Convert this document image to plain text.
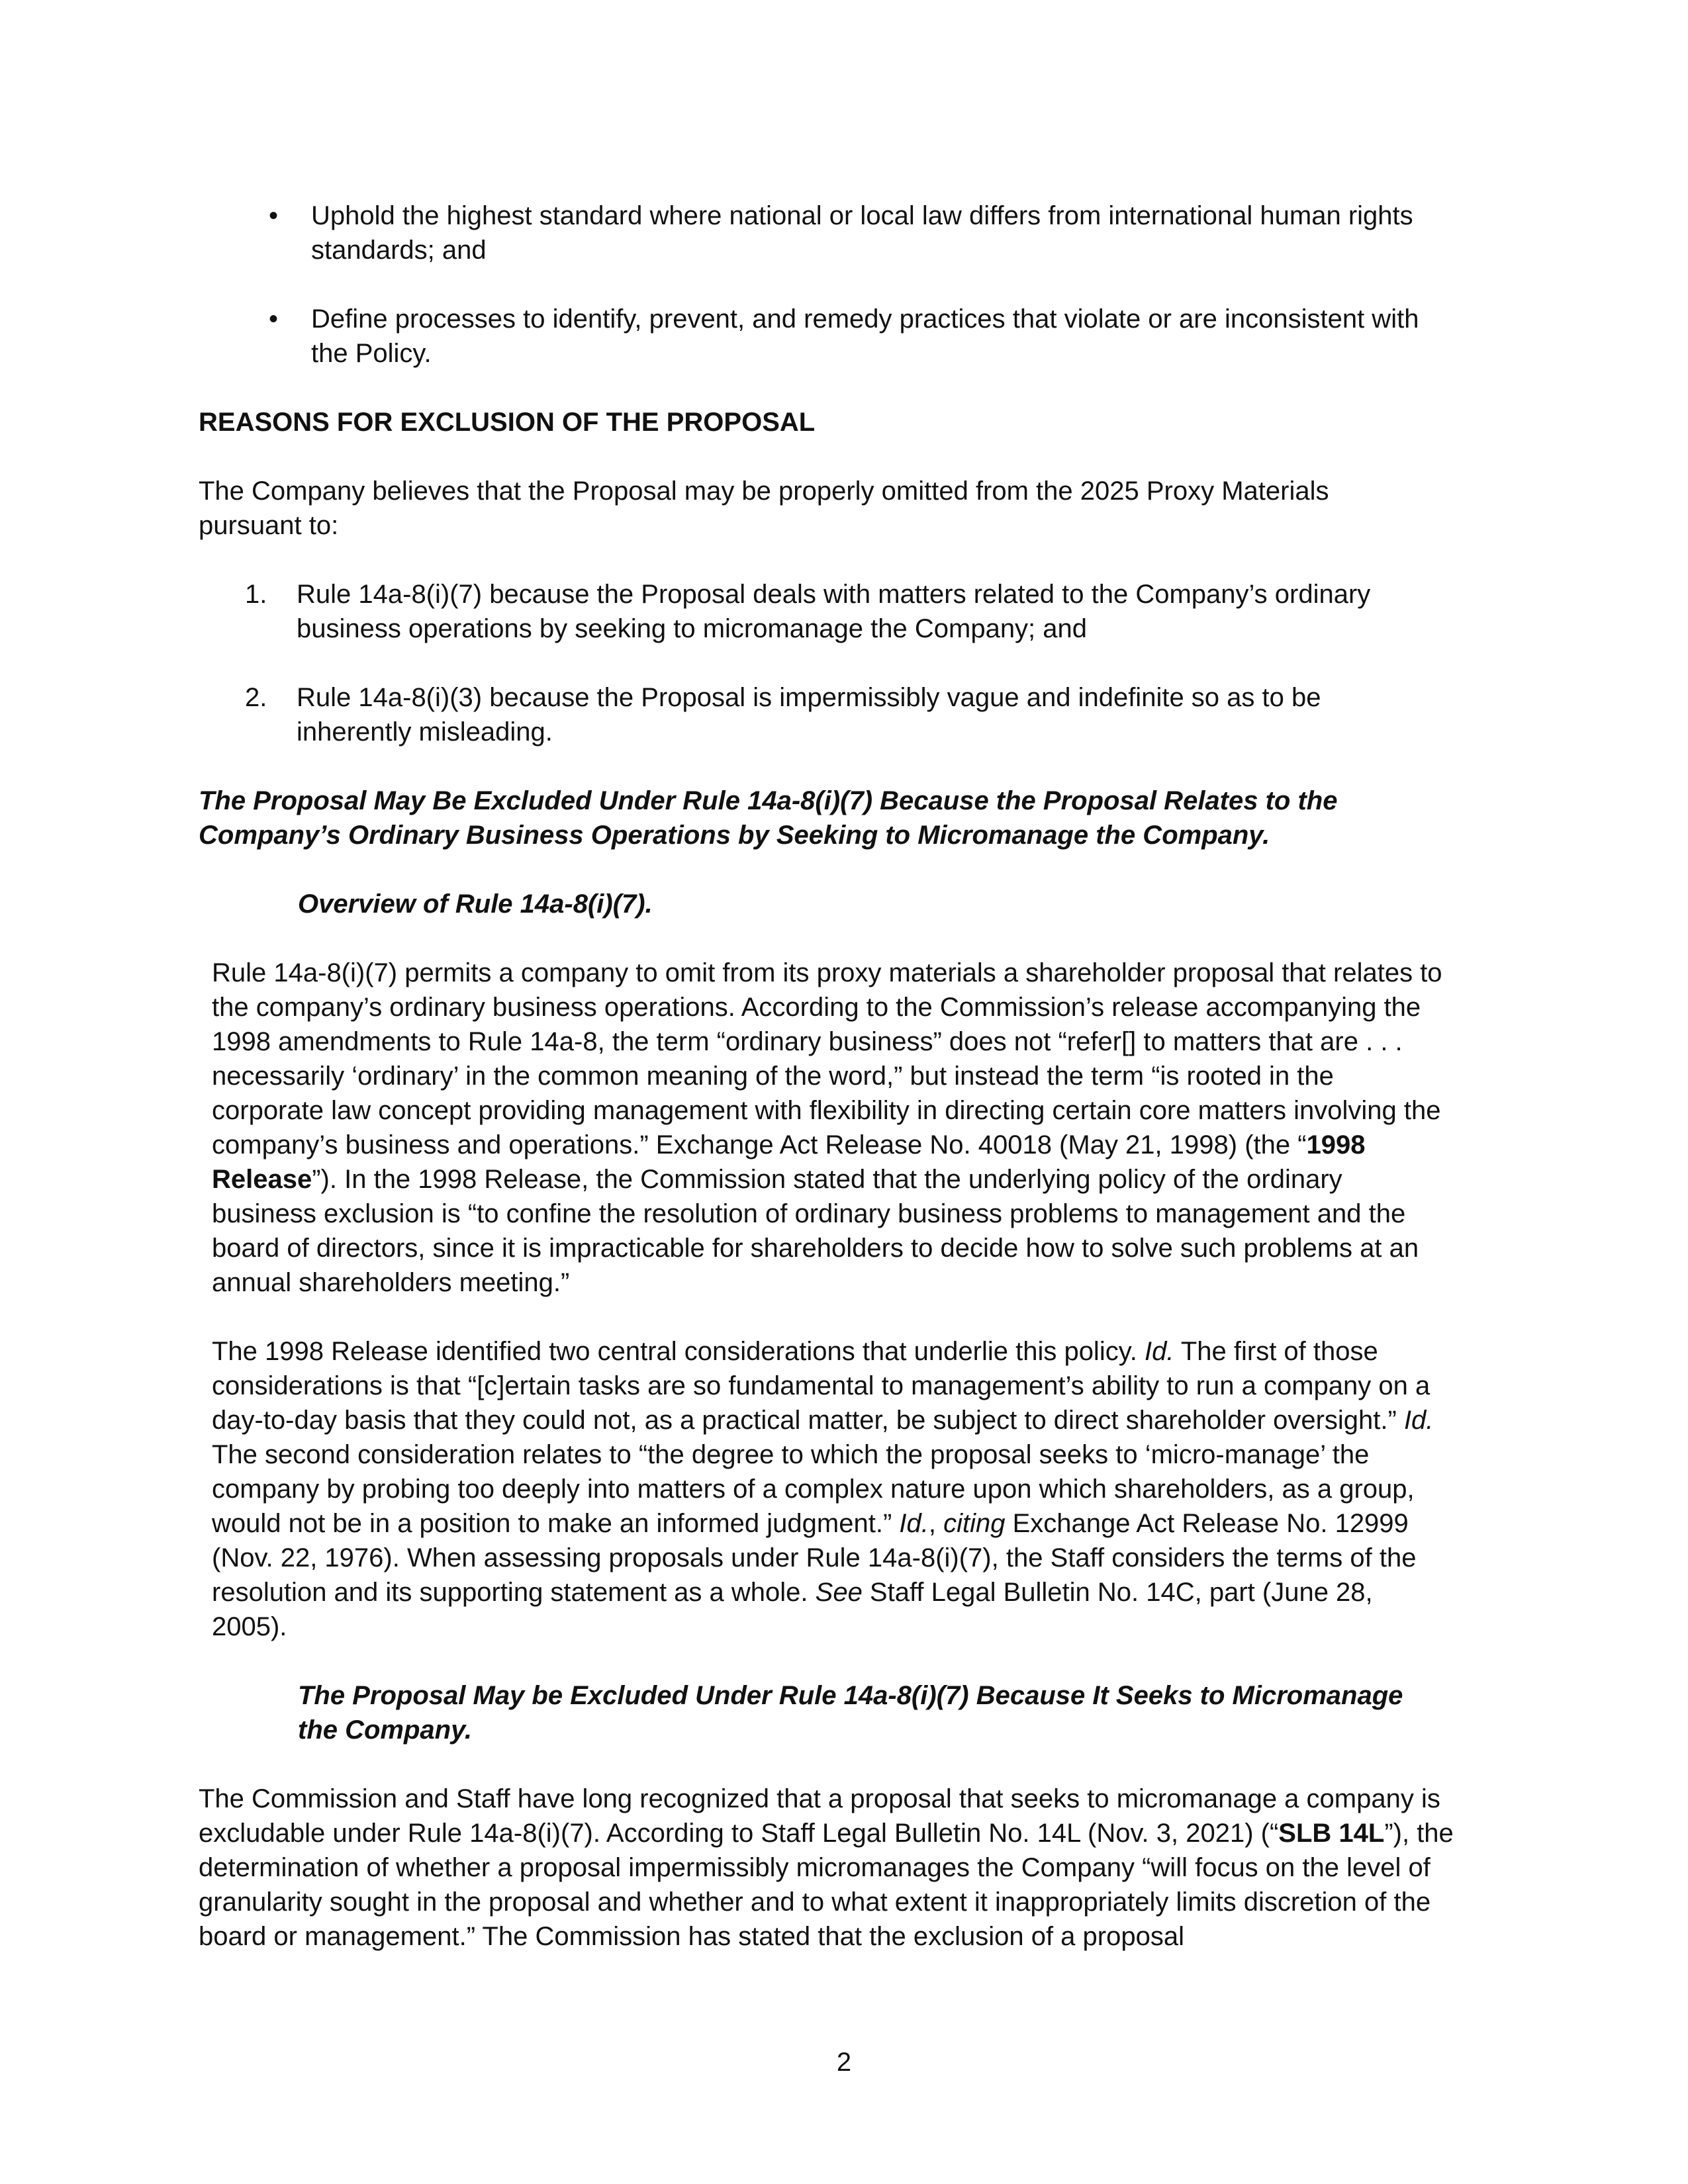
• Uphold the highest standard where national or local law differs from international human rights standards; and
• Define processes to identify, prevent, and remedy practices that violate or are inconsistent with the Policy.
REASONS FOR EXCLUSION OF THE PROPOSAL
The Company believes that the Proposal may be properly omitted from the 2025 Proxy Materials pursuant to:
1. Rule 14a-8(i)(7) because the Proposal deals with matters related to the Company’s ordinary business operations by seeking to micromanage the Company; and
2. Rule 14a-8(i)(3) because the Proposal is impermissibly vague and indefinite so as to be inherently misleading.
The Proposal May Be Excluded Under Rule 14a-8(i)(7) Because the Proposal Relates to the Company’s Ordinary Business Operations by Seeking to Micromanage the Company.
Overview of Rule 14a-8(i)(7).
Rule 14a-8(i)(7) permits a company to omit from its proxy materials a shareholder proposal that relates to the company’s ordinary business operations. According to the Commission’s release accompanying the 1998 amendments to Rule 14a-8, the term “ordinary business” does not “refer[] to matters that are . . . necessarily ‘ordinary’ in the common meaning of the word,” but instead the term “is rooted in the corporate law concept providing management with flexibility in directing certain core matters involving the company’s business and operations.” Exchange Act Release No. 40018 (May 21, 1998) (the “1998 Release”). In the 1998 Release, the Commission stated that the underlying policy of the ordinary business exclusion is “to confine the resolution of ordinary business problems to management and the board of directors, since it is impracticable for shareholders to decide how to solve such problems at an annual shareholders meeting.”
The 1998 Release identified two central considerations that underlie this policy. Id. The first of those considerations is that “[c]ertain tasks are so fundamental to management’s ability to run a company on a day-to-day basis that they could not, as a practical matter, be subject to direct shareholder oversight.” Id. The second consideration relates to “the degree to which the proposal seeks to ‘micro-manage’ the company by probing too deeply into matters of a complex nature upon which shareholders, as a group, would not be in a position to make an informed judgment.” Id., citing Exchange Act Release No. 12999 (Nov. 22, 1976). When assessing proposals under Rule 14a-8(i)(7), the Staff considers the terms of the resolution and its supporting statement as a whole. See Staff Legal Bulletin No. 14C, part (June 28, 2005).
The Proposal May be Excluded Under Rule 14a-8(i)(7) Because It Seeks to Micromanage the Company.
The Commission and Staff have long recognized that a proposal that seeks to micromanage a company is excludable under Rule 14a-8(i)(7). According to Staff Legal Bulletin No. 14L (Nov. 3, 2021) (“SLB 14L”), the determination of whether a proposal impermissibly micromanages the Company “will focus on the level of granularity sought in the proposal and whether and to what extent it inappropriately limits discretion of the board or management.” The Commission has stated that the exclusion of a proposal
2
